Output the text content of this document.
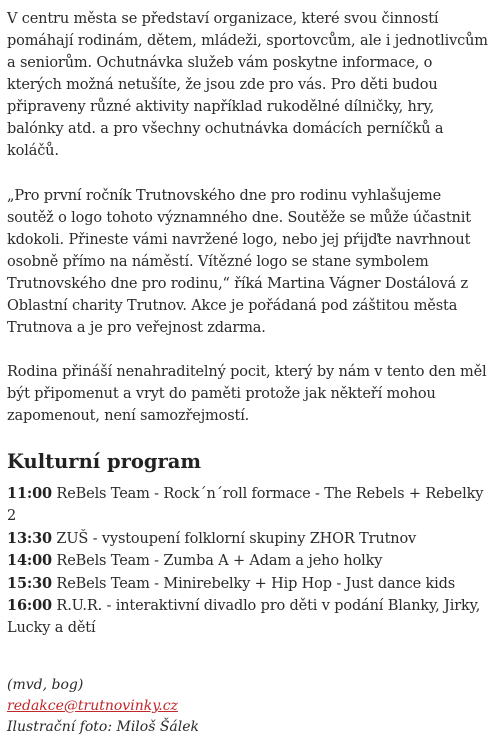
V centru města se představí organizace, které svou činností pomáhají rodinám, dětem, mládeži, sportovcům, ale i jednotlivcům a seniorům. Ochutnávka služeb vám poskytne informace, o kterých možná netušíte, že jsou zde pro vás. Pro děti budou připraveny různé aktivity například rukodělné dílničky, hry, balónky atd. a pro všechny ochutnávka domácích perníčků a koláčů.

„Pro první ročník Trutnovského dne pro rodinu vyhlašujeme soutěž o logo tohoto významného dne. Soutěže se může účastnit kdokoli. Přineste vámi navržené logo, nebo jej pŕijďte navrhnout osobně přímo na náměstí. Vítězné logo se stane symbolem Trutnovského dne pro rodinu,“ říká Martina Vágner Dostálová z Oblastní charity Trutnov. Akce je pořádaná pod záštitou města Trutnova a je pro veřejnost zdarma.

Rodina přináší nenahraditelný pocit, který by nám v tento den měl být připomenut a vryt do paměti protože jak někteří mohou zapomenout, není samozřejmostí.

Kulturní program
11:00 ReBels Team - Rock´n´roll formace - The Rebels + Rebelky 2
13:30 ZUŠ - vystoupení folklorní skupiny ZHOR Trutnov
14:00 ReBels Team - Zumba A + Adam a jeho holky
15:30 ReBels Team - Minirebelky + Hip Hop - Just dance kids
16:00 R.U.R. - interaktivní divadlo pro děti v podání Blanky, Jirky, Lucky a dětí
(mvd, bog)
redakce@trutnovinky.cz
Ilustrační foto: Miloš Šálek
